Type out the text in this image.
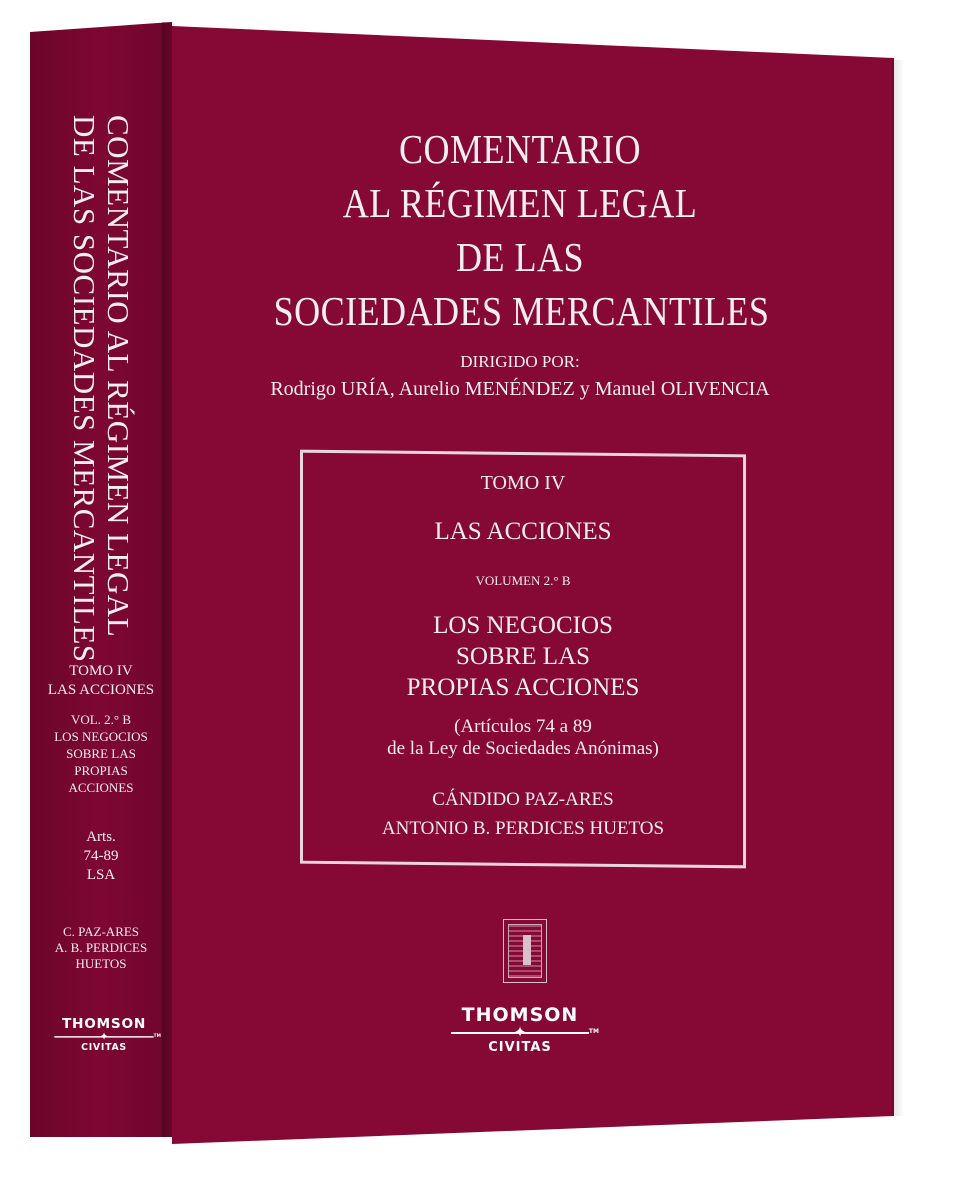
COMENTARIO
AL RÉGIMEN LEGAL
DE LAS
SOCIEDADES MERCANTILES
DIRIGIDO POR:
Rodrigo URÍA, Aurelio MENÉNDEZ y Manuel OLIVENCIA
TOMO IV
LAS ACCIONES
VOLUMEN 2.° B
LOS NEGOCIOS
SOBRE LAS
PROPIAS ACCIONES
(Artículos 74 a 89
de la Ley de Sociedades Anónimas)
CÁNDIDO PAZ-ARES
ANTONIO B. PERDICES HUETOS
THOMSON
✦	TM
CIVITAS
COMENTARIO AL RÉGIMEN LEGAL
DE LAS SOCIEDADES MERCANTILES
TOMO IV
LAS ACCIONES
VOL. 2.° B
LOS NEGOCIOS
SOBRE LAS
PROPIAS
ACCIONES
Arts.
74-89
LSA
C. PAZ-ARES
A. B. PERDICES
HUETOS
THOMSON
✦	TM
CIVITAS
